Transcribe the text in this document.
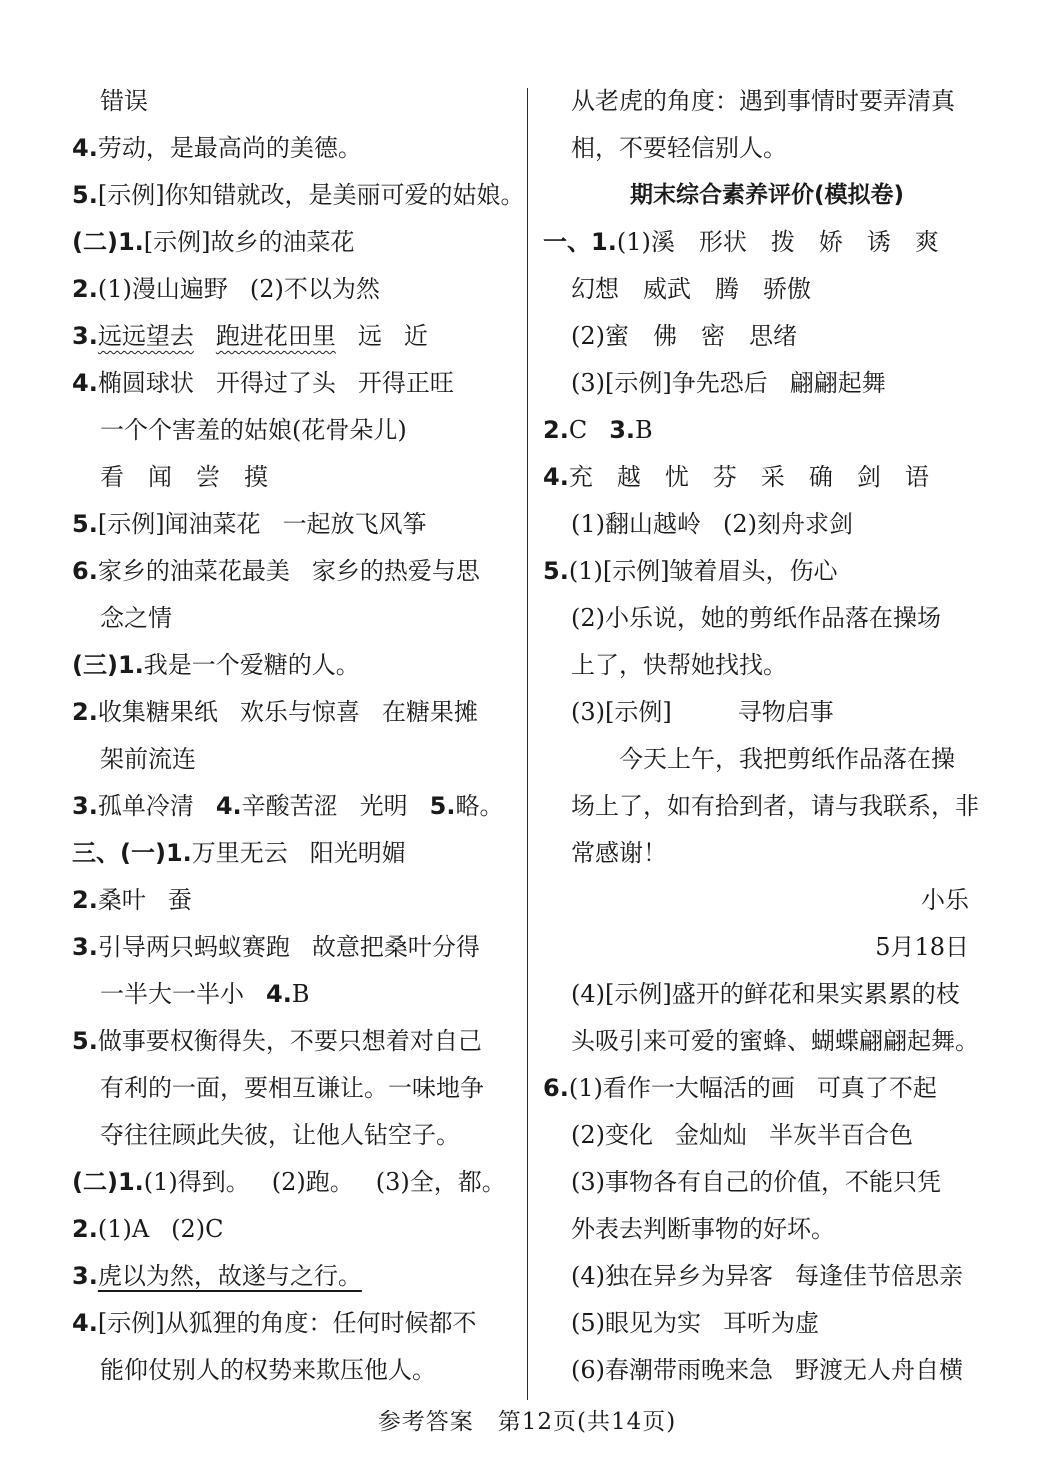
错误
4.劳动，是最高尚的美德。
5.[示例]你知错就改，是美丽可爱的姑娘。
(二)1.[示例]故乡的油菜花
2.(1)漫山遍野 (2)不以为然
3.远远望去 跑进花田里 远 近
4.椭圆球状 开得过了头 开得正旺
一个个害羞的姑娘(花骨朵儿)
看　闻　尝　摸
5.[示例]闻油菜花 一起放飞风筝
6.家乡的油菜花最美 家乡的热爱与思
念之情
(三)1.我是一个爱糖的人。
2.收集糖果纸 欢乐与惊喜 在糖果摊
架前流连
3.孤单冷清 4.辛酸苦涩 光明 5.略。
三、(一)1.万里无云 阳光明媚
2.桑叶 蚕
3.引导两只蚂蚁赛跑 故意把桑叶分得
一半大一半小 4.B
5.做事要权衡得失，不要只想着对自己
有利的一面，要相互谦让。一味地争
夺往往顾此失彼，让他人钻空子。
(二)1.(1)得到。 (2)跑。 (3)全，都。
2.(1)A (2)C
3.虎以为然，故遂与之行。
4.[示例]从狐狸的角度：任何时候都不
能仰仗别人的权势来欺压他人。
从老虎的角度：遇到事情时要弄清真
相，不要轻信别人。
期末综合素养评价(模拟卷)
一、1.(1)溪　形状　拨　娇　诱　爽
幻想　威武　腾　骄傲
(2)蜜　佛　密　思绪
(3)[示例]争先恐后 翩翩起舞
2.C 3.B
4.充　越　忧　芬　采　确　剑　语
(1)翻山越岭 (2)刻舟求剑
5.(1)[示例]皱着眉头，伤心
(2)小乐说，她的剪纸作品落在操场
上了，快帮她找找。
(3)[示例]	寻物启事
今天上午，我把剪纸作品落在操
场上了，如有拾到者，请与我联系，非
常感谢！
小乐
5月18日
(4)[示例]盛开的鲜花和果实累累的枝
头吸引来可爱的蜜蜂、蝴蝶翩翩起舞。
6.(1)看作一大幅活的画 可真了不起
(2)变化 金灿灿 半灰半百合色
(3)事物各有自己的价值，不能只凭
外表去判断事物的好坏。
(4)独在异乡为异客 每逢佳节倍思亲
(5)眼见为实 耳听为虚
(6)春潮带雨晚来急 野渡无人舟自横
参考答案　第12页(共14页)
